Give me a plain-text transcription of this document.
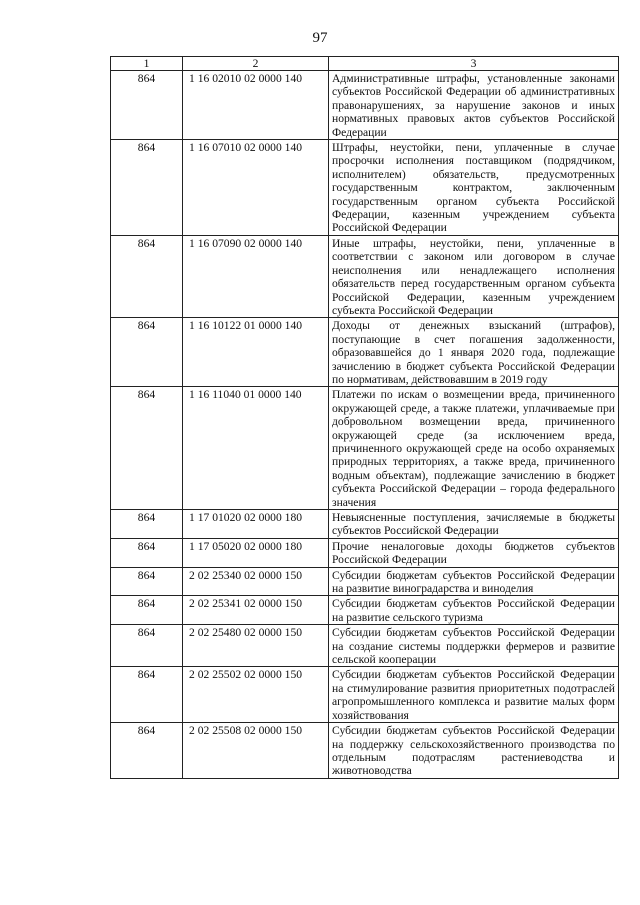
97
1	2	3
864	1 16 02010 02 0000 140	Административные штрафы, установленные законами субъектов Российской Федерации об административных правонарушениях, за нарушение законов и иных нормативных правовых актов субъектов Российской Федерации
864	1 16 07010 02 0000 140	Штрафы, неустойки, пени, уплаченные в случае просрочки исполнения поставщиком (подрядчиком, исполнителем) обязательств, предусмотренных государственным контрактом, заключенным государственным органом субъекта Российской Федерации, казенным учреждением субъекта Российской Федерации
864	1 16 07090 02 0000 140	Иные штрафы, неустойки, пени, уплаченные в соответствии с законом или договором в случае неисполнения или ненадлежащего исполнения обязательств перед государственным органом субъекта Российской Федерации, казенным учреждением субъекта Российской Федерации
864	1 16 10122 01 0000 140	Доходы от денежных взысканий (штрафов), поступающие в счет погашения задолженности, образовавшейся до 1 января 2020 года, подлежащие зачислению в бюджет субъекта Российской Федерации по нормативам, действовавшим в 2019 году
864	1 16 11040 01 0000 140	Платежи по искам о возмещении вреда, причиненного окружающей среде, а также платежи, уплачиваемые при добровольном возмещении вреда, причиненного окружающей среде (за исключением вреда, причиненного окружающей среде на особо охраняемых природных территориях, а также вреда, причиненного водным объектам), подлежащие зачислению в бюджет субъекта Российской Федерации – города федерального значения
864	1 17 01020 02 0000 180	Невыясненные поступления, зачисляемые в бюджеты субъектов Российской Федерации
864	1 17 05020 02 0000 180	Прочие неналоговые доходы бюджетов субъектов Российской Федерации
864	2 02 25340 02 0000 150	Субсидии бюджетам субъектов Российской Федерации на развитие виноградарства и виноделия
864	2 02 25341 02 0000 150	Субсидии бюджетам субъектов Российской Федерации на развитие сельского туризма
864	2 02 25480 02 0000 150	Субсидии бюджетам субъектов Российской Федерации на создание системы поддержки фермеров и развитие сельской кооперации
864	2 02 25502 02 0000 150	Субсидии бюджетам субъектов Российской Федерации на стимулирование развития приоритетных подотраслей агропромышленного комплекса и развитие малых форм хозяйствования
864	2 02 25508 02 0000 150	Субсидии бюджетам субъектов Российской Федерации на поддержку сельскохозяйственного производства по отдельным подотраслям растениеводства и животноводства
